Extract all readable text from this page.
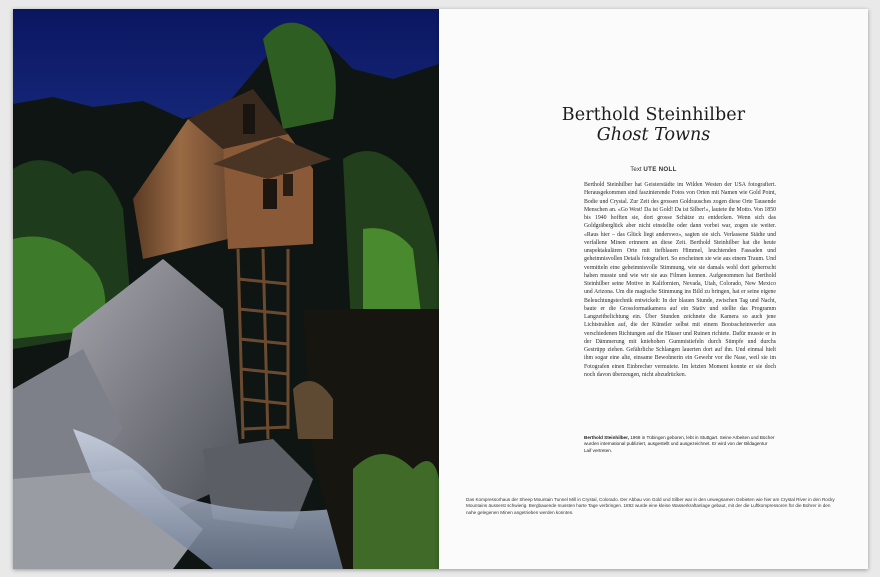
Berthold Steinhilber
Ghost Towns
Text UTE NOLL
Berthold Steinhilber hat Geisterstädte im Wilden Westen der USA fotografiert. Herausgekommen sind faszinierende Fotos von Orten mit Namen wie Gold Point, Bodie und Crystal. Zur Zeit des grossen Goldrausches zogen diese Orte Tausende Menschen an. «Go West! Da ist Gold! Da ist Silber!», lautete ihr Motto. Von 1850 bis 1940 hofften sie, dort grosse Schätze zu entdecken. Wenn sich das Goldgräberglück aber nicht einstellte oder dann vorbei war, zogen sie weiter. «Raus hier – das Glück liegt anderswo», sagten sie sich. Verlassene Städte und verfallene Minen erinnern an diese Zeit. Berthold Steinhilber hat die heute unspektakulären Orte mit tiefblauen Himmel, leuchtenden Fassaden und geheimnisvollen Details fotografiert. So erscheinen sie wie aus einem Traum. Und vermitteln eine geheimnisvolle Stimmung, wie sie damals wohl dort geherrscht haben musste und wie wir sie aus Filmen kennen. Aufgenommen hat Berthold Steinhilber seine Motive in Kalifornien, Nevada, Utah, Colorado, New Mexico und Arizona. Um die magische Stimmung ins Bild zu bringen, hat er seine eigene Beleuchtungstechnik entwickelt: In der blauen Stunde, zwischen Tag und Nacht, baute er die Grossformatkamera auf ein Stativ und stellte das Programm Langzeitbelichtung ein. Über Stunden zeichnete die Kamera so auch jene Lichtstrahlen auf, die der Künstler selbst mit einem Bootsscheinwerfer aus verschiedenen Richtungen auf die Häuser und Ruinen richtete. Dafür musste er in der Dämmerung mit kniehohen Gummistiefeln durch Sümpfe und durchs Gestrüpp ziehen. Gefährliche Schlangen lauerten dort auf ihn. Und einmal hielt ihm sogar eine alte, einsame Bewohnerin ein Gewehr vor die Nase, weil sie im Fotografen einen Einbrecher vermutete. Im letzten Moment konnte er sie doch noch davon überzeugen, nicht abzudrücken.
Berthold Steinhilber, 1968 in Tübingen geboren, lebt in Stuttgart. Seine Arbeiten und Bücher wurden international publiziert, ausgestellt und ausgezeichnet. Er wird von der Bildagentur Laif vertreten.
Das Kompressorhaus der Sheep Mountain Tunnel Mill in Crystal, Colorado. Der Abbau von Gold und Silber war in den unwegsamen Gebieten wie hier am Crystal River in den Rocky Mountains äusserst schwierig. Bergbauende mussten harte Tage verbringen. 1892 wurde eine kleine Wasserkraftanlage gebaut, mit der die Luftkompressoren für die Bohrer in den nahe gelegenen Minen angetrieben werden konnten.
